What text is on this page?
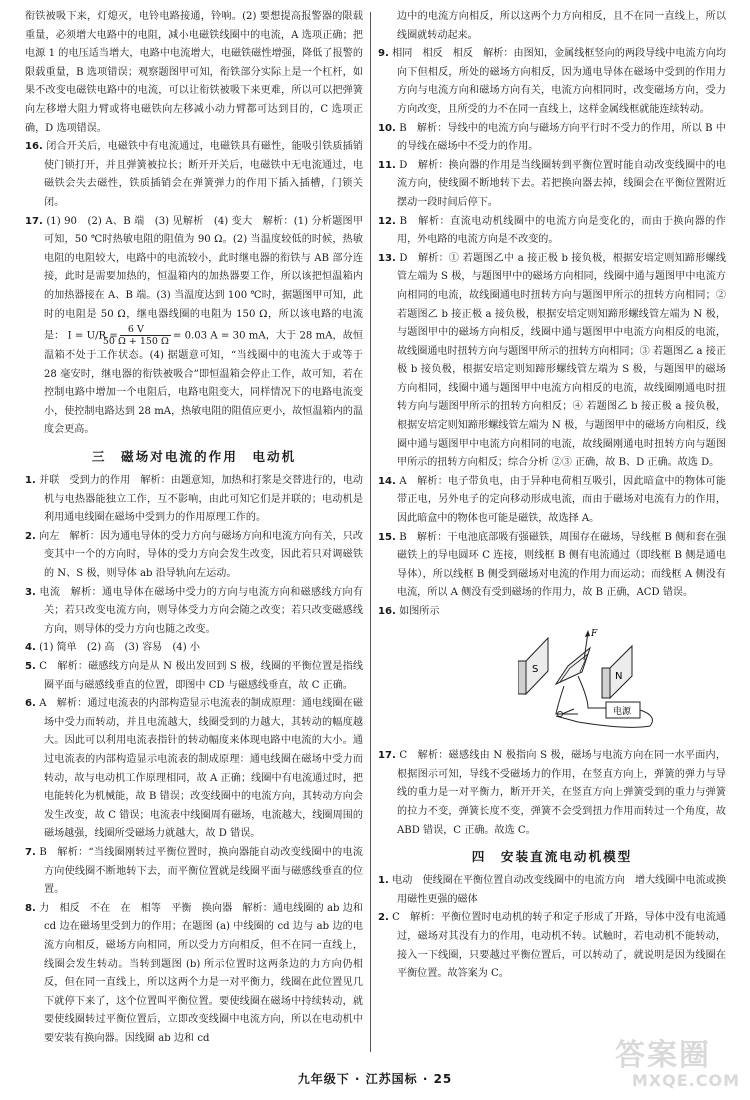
衔铁被吸下来，灯熄灭，电铃电路接通，铃响。(2) 要想提高报警器的限载重量，必须增大电路中的电阻，减小电磁铁线圈中的电流，A 选项正确；把电源 1 的电压适当增大，电路中电流增大，电磁铁磁性增强，降低了报警的限载重量，B 选项错误；观察题图甲可知，衔铁部分实际上是一个杠杆，如果不改变电磁铁电路中的电流，可以让衔铁被吸下来更难，所以可以把弹簧向左移增大阻力臂或将电磁铁向左移减小动力臂都可达到目的，C 选项正确，D 选项错误。

16. 闭合开关后，电磁铁中有电流通过，电磁铁具有磁性，能吸引铁质插销使门锁打开，并且弹簧被拉长；断开开关后，电磁铁中无电流通过，电磁铁会失去磁性，铁质插销会在弹簧弹力的作用下插入插槽，门锁关闭。

17. (1) 90　(2) A、B 端　(3) 见解析　(4) 变大　解析：(1) 分析题图甲可知，50 ℃时热敏电阻的阻值为 90 Ω。(2) 当温度较低的时候，热敏电阻的电阻较大，电路中的电流较小，此时继电器的衔铁与 AB 部分连接，此时是需要加热的，恒温箱内的加热器要工作，所以该把恒温箱内的加热器接在 A、B 端。(3) 当温度达到 100 ℃时，据题图甲可知，此时的电阻是 50 Ω，继电器线圈的电阻为 150 Ω，所以该电路的电流是： $I = U/R = \frac{6 V}{50 \Omega + 150 \Omega} = 0.03$ A = 30 mA，大于 28 mA，故恒温箱不处于工作状态。(4) 据题意可知，“当线圈中的电流大于或等于 28 毫安时，继电器的衔铁被吸合”即恒温箱会停止工作，故可知，若在控制电路中增加一个电阻后，电路电阻变大，同样情况下的电路电流变小，使控制电路达到 28 mA，热敏电阻的阻值应更小，故恒温箱内的温度会更高。

三　磁场对电流的作用　电动机

1. 并联　受到力的作用　解析：由题意知，加热和打浆是交替进行的，电动机与电热器能独立工作，互不影响，由此可知它们是并联的；电动机是利用通电线圈在磁场中受到力的作用原理工作的。

2. 向左　解析：因为通电导体的受力方向与磁场方向和电流方向有关，只改变其中一个的方向时，导体的受力方向会发生改变，因此若只对调磁铁的 N、S 极，则导体 ab 沿导轨向左运动。

3. 电流　解析：通电导体在磁场中受力的方向与电流方向和磁感线方向有关；若只改变电流方向，则导体受力方向会随之改变；若只改变磁感线方向，则导体的受力方向也随之改变。

4. (1) 简单　(2) 高　(3) 容易　(4) 小

5. C　解析：磁感线方向是从 N 极出发回到 S 极，线圈的平衡位置是指线圈平面与磁感线垂直的位置，即图中 CD 与磁感线垂直，故 C 正确。

6. A　解析：通过电流表的内部构造显示电流表的制成原理：通电线圈在磁场中受力而转动，并且电流越大，线圈受到的力越大，其转动的幅度越大。因此可以利用电流表指针的转动幅度来体现电路中电流的大小。通过电流表的内部构造显示电流表的制成原理：通电线圈在磁场中受力而转动，故与电动机工作原理相同，故 A 正确；线圈中有电流通过时，把电能转化为机械能，故 B 错误；改变线圈中的电流方向，其转动方向会发生改变，故 C 错误；电流表中线圈周有磁场，电流越大，线圈周围的磁场越强，线圈所受磁场力就越大，故 D 错误。

7. B　解析：“当线圈刚转过平衡位置时，换向器能自动改变线圈中的电流方向使线圈不断地转下去，而平衡位置就是线圈平面与磁感线垂直的位置。

8. 力　相反　不在　在　相等　平衡　换向器　解析：通电线圈的 ab 边和 cd 边在磁场里受到力的作用；在题图 (a) 中线圈的 cd 边与 ab 边的电流方向相反，磁场方向相同，所以受力方向相反，但不在同一直线上，线圈会发生转动。当转到题图 (b) 所示位置时这两条边的力方向仍相反，但在同一直线上，所以这两个力是一对平衡力，线圈在此位置见几下就停下来了，这个位置叫平衡位置。要使线圈在磁场中持续转动，就要使线圈转过平衡位置后，立即改变线圈中电流方向，所以在电动机中要安装有换向器。因线圈 ab 边和 cd

边中的电流方向相反，所以这两个力方向相反，且不在同一直线上，所以线圈就转动起来。

9. 相同　相反　相反　解析：由图知，金属线框竖向的两段导线中电流方向均向下但相反，所处的磁场方向相反，因为通电导体在磁场中受到的作用力方向与电流方向和磁场方向有关，电流方向相同时，改变磁场方向，受力方向改变，且所受的力不在同一直线上，这样金属线框就能连续转动。

10. B　解析：导线中的电流方向与磁场方向平行时不受力的作用，所以 B 中的导线在磁场中不受力的作用。

11. D　解析：换向器的作用是当线圈转到平衡位置时能自动改变线圈中的电流方向，使线圈不断地转下去。若把换向器去掉，线圈会在平衡位置附近摆动一段时间后停下。

12. B　解析：直流电动机线圈中的电流方向是变化的，而由于换向器的作用，外电路的电流方向是不改变的。

13. D　解析：① 若题图乙中 a 接正极 b 接负极，根据安培定则知蹄形螺线管左端为 S 极，与题图甲中的磁场方向相同，线圈中通与题图甲中电流方向相同的电流，故线圈通电时扭转方向与题图甲所示的扭转方向相同；② 若题图乙 b 接正极 a 接负极，根据安培定则知蹄形螺线管左端为 N 极，与题图甲中的磁场方向相反，线圈中通与题图甲中电流方向相反的电流，故线圈通电时扭转方向与题图甲所示的扭转方向相同；③ 若题图乙 a 接正极 b 接负极，根据安培定则知蹄形螺线管左端为 S 极，与题图甲的磁场方向相同，线圈中通与题图甲中电流方向相反的电流，故线圈刚通电时扭转方向与题图甲所示的扭转方向相反；④ 若题图乙 b 接正极 a 接负极，根据安培定则知蹄形螺线管左端为 N 极，与题图甲中的磁场方向相反，线圈中通与题图甲中电流方向相同的电流，故线圈刚通电时扭转方向与题图甲所示的扭转方向相反；综合分析 ②③ 正确，故 B、D 正确。故选 D。

14. A　解析：电子带负电，由于异种电荷相互吸引，因此暗盒中的物体可能带正电，另外电子的定向移动形成电流，而由于磁场对电流有力的作用，因此暗盒中的物体也可能是磁铁，故选择 A。

15. B　解析：干电池底部吸有强磁铁，周围存在磁场，导线框 B 侧和套在强磁铁上的导电圆环 C 连接，则线框 B 侧有电流通过（即线框 B 侧是通电导体），所以线框 B 侧受到磁场对电流的作用力而运动；而线框 A 侧没有电流，所以 A 侧没有受到磁场的作用力，故 B 正确，ACD 错误。

16. 如图所示

S
N
F
电源

17. C　解析：磁感线由 N 极指向 S 极，磁场与电流方向在同一水平面内，根据图示可知，导线不受磁场力的作用，在竖直方向上，弹簧的弹力与导线的重力是一对平衡力，断开开关，在竖直方向上弹簧受到的重力与弹簧的拉力不变，弹簧长度不变，弹簧不会受到扭力作用而转过一个角度，故 ABD 错误，C 正确。故选 C。

四　安装直流电动机模型

1. 电动　使线圈在平衡位置自动改变线圈中的电流方向　增大线圈中电流或换用磁性更强的磁体

2. C　解析：平衡位置时电动机的转子和定子形成了开路，导体中没有电流通过，磁场对其没有力的作用，电动机不转。试触时，若电动机不能转动，接入一下线圈，只要越过平衡位置后，可以转动了，就说明是因为线圈在平衡位置。故答案为 C。

答案圈
MXQE.COM
九年级下 · 江苏国标 · 25
